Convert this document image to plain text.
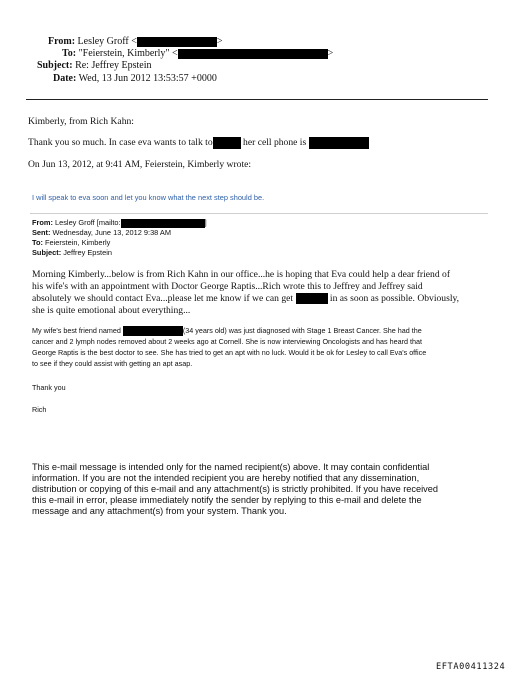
From: Lesley Groff <	>
To: "Feierstein, Kimberly" <	>
Subject: Re: Jeffrey Epstein
Date: Wed, 13 Jun 2012 13:53:57 +0000
Kimberly, from Rich Kahn:
Thank you so much. In case eva wants to talk to	her cell phone is
On Jun 13, 2012, at 9:41 AM, Feierstein, Kimberly wrote:
I will speak to eva soon and let you know what the next step should be.
From: Lesley Groff [mailto:	]
Sent: Wednesday, June 13, 2012 9:38 AM
To: Feierstein, Kimberly
Subject: Jeffrey Epstein
Morning Kimberly...below is from Rich Kahn in our office...he is hoping that Eva could help a dear friend of
his wife's with an appointment with Doctor George Raptis...Rich wrote this to Jeffrey and Jeffrey said
absolutely we should contact Eva...please let me know if we can get	in as soon as possible. Obviously,
she is quite emotional about everything...
My wife's best friend named	(34 years old) was just diagnosed with Stage 1 Breast Cancer. She had the
cancer and 2 lymph nodes removed about 2 weeks ago at Cornell. She is now interviewing Oncologists and has heard that
George Raptis is the best doctor to see. She has tried to get an apt with no luck. Would it be ok for Lesley to call Eva's office
to see if they could assist with getting an apt asap.
Thank you
Rich
This e-mail message is intended only for the named recipient(s) above. It may contain confidential
information. If you are not the intended recipient you are hereby notified that any dissemination,
distribution or copying of this e-mail and any attachment(s) is strictly prohibited. If you have received
this e-mail in error, please immediately notify the sender by replying to this e-mail and delete the
message and any attachment(s) from your system. Thank you.
EFTA00411324
